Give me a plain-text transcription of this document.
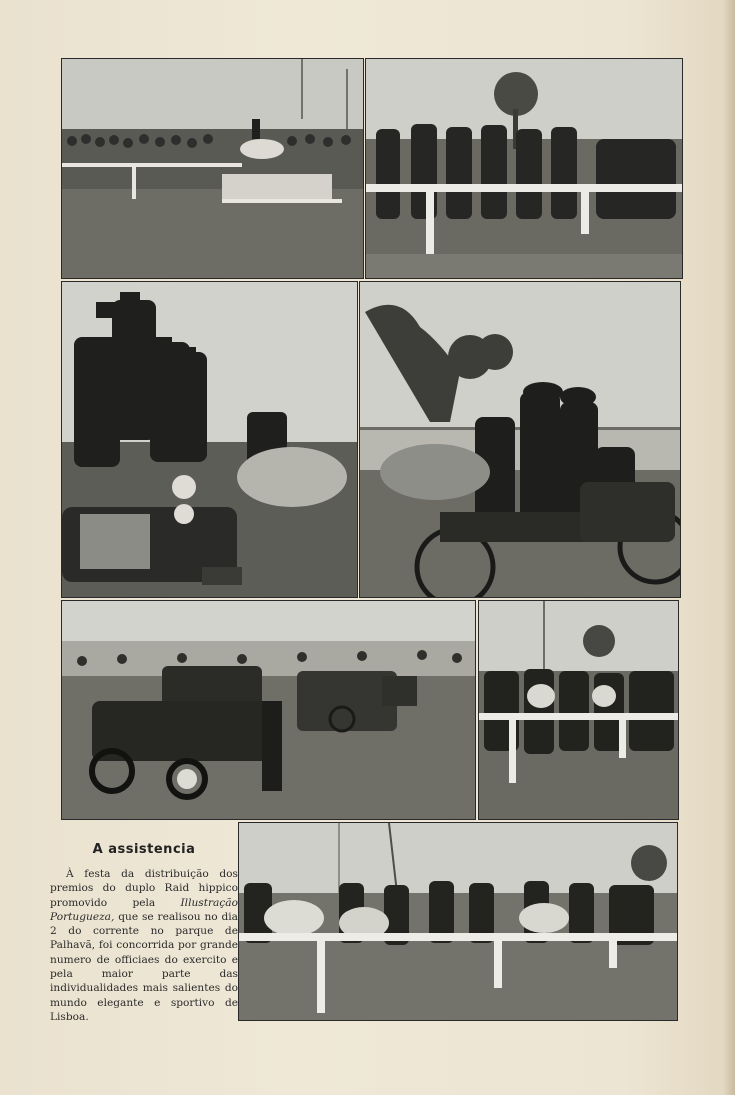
A assistencia

À festa da distribuição dos premios do duplo Raid hippico promovido pela Illustração Portugueza, que se realisou no dia 2 do corrente no parque de Palhavã, foi concorrida por grande numero de officiaes do exercito e pela maior parte das individualidades mais salientes do mundo elegante e sportivo de Lisboa.
